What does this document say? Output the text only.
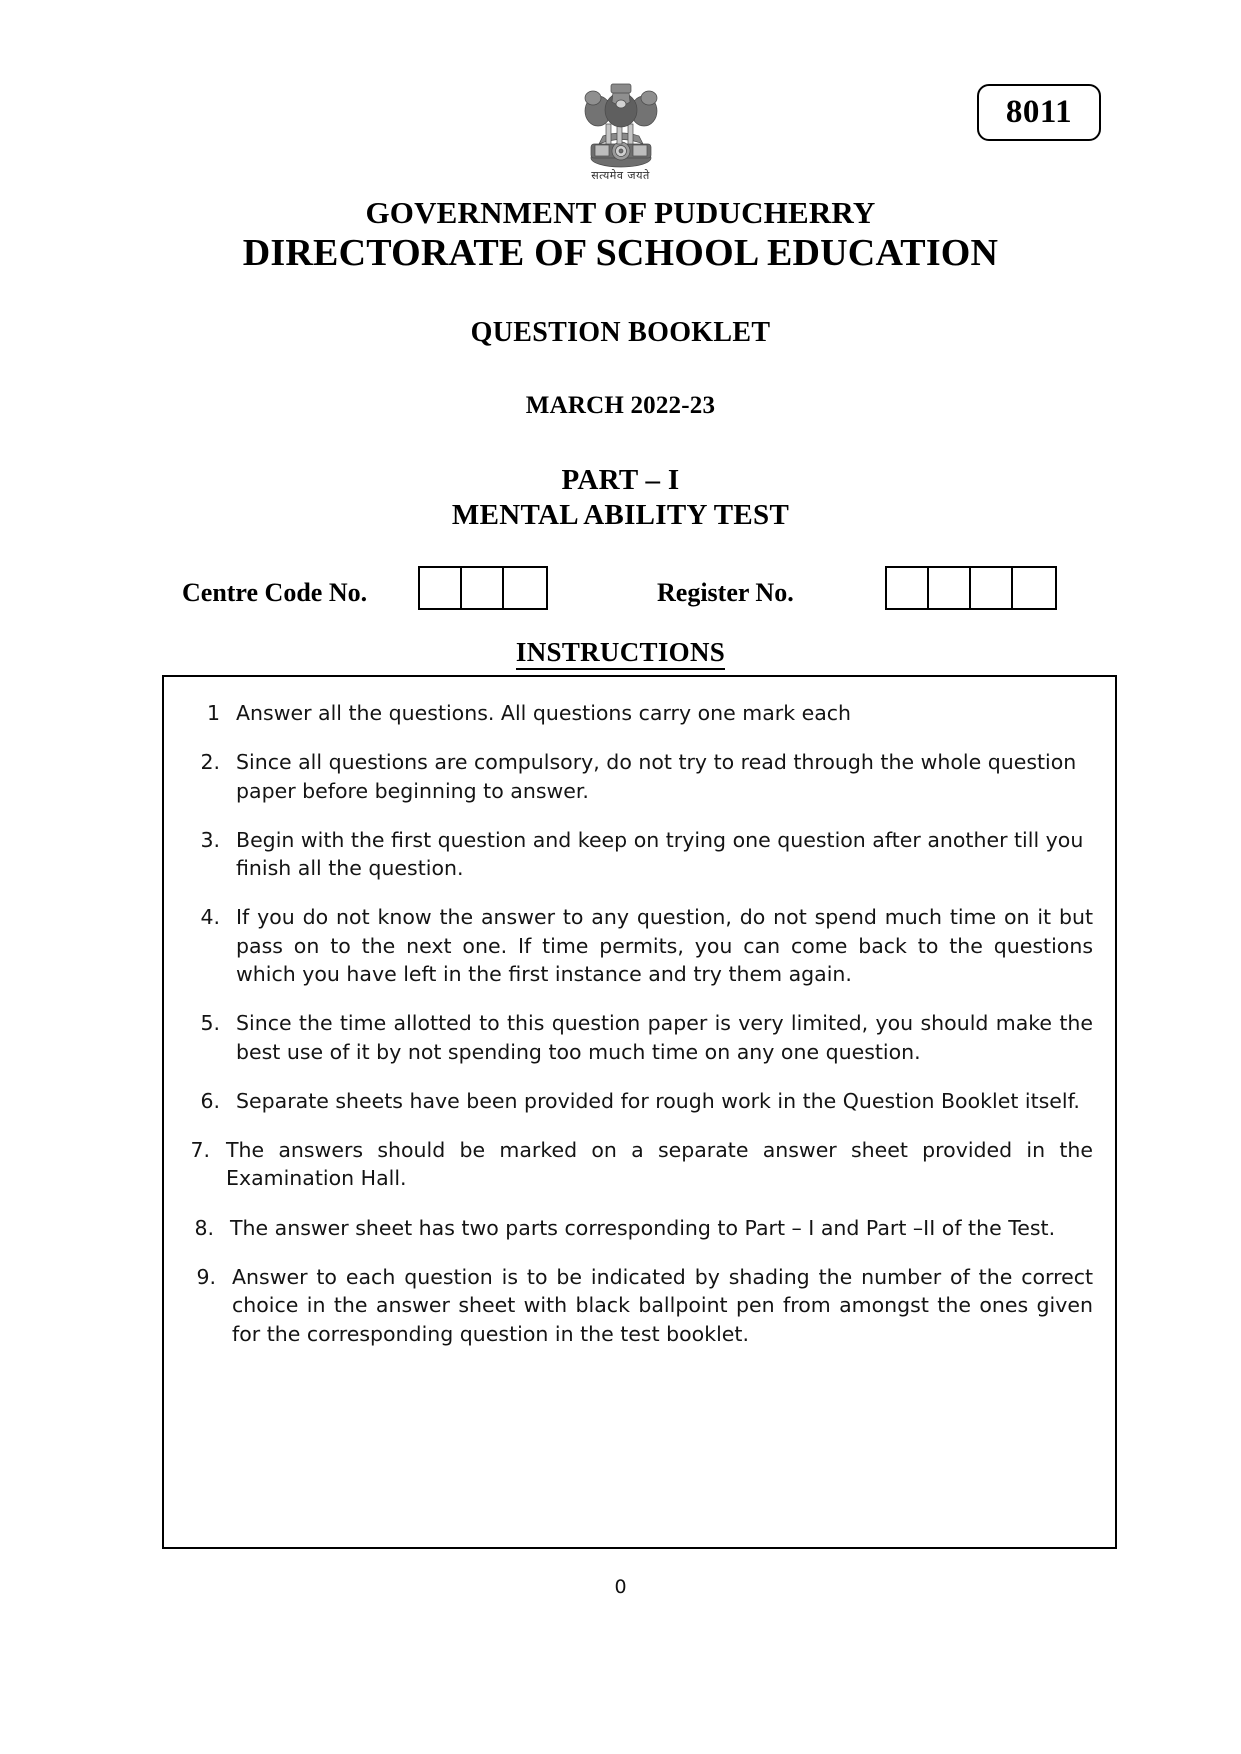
8011
सत्यमेव जयते
GOVERNMENT OF PUDUCHERRY
DIRECTORATE OF SCHOOL EDUCATION
QUESTION BOOKLET
MARCH 2022-23
PART – I
MENTAL ABILITY TEST
Centre Code No.	Register No.
INSTRUCTIONS
1 Answer all the questions. All questions carry one mark each
2. Since all questions are compulsory, do not try to read through the whole question paper before beginning to answer.
3. Begin with the first question and keep on trying one question after another till you finish all the question.
4. If you do not know the answer to any question, do not spend much time on it but pass on to the next one. If time permits, you can come back to the questions which you have left in the first instance and try them again.
5. Since the time allotted to this question paper is very limited, you should make the best use of it by not spending too much time on any one question.
6. Separate sheets have been provided for rough work in the Question Booklet itself.
7. The answers should be marked on a separate answer sheet provided in the Examination Hall.
8. The answer sheet has two parts corresponding to Part – I and Part –II of the Test.
9. Answer to each question is to be indicated by shading the number of the correct choice in the answer sheet with black ballpoint pen from amongst the ones given for the corresponding question in the test booklet.
0
